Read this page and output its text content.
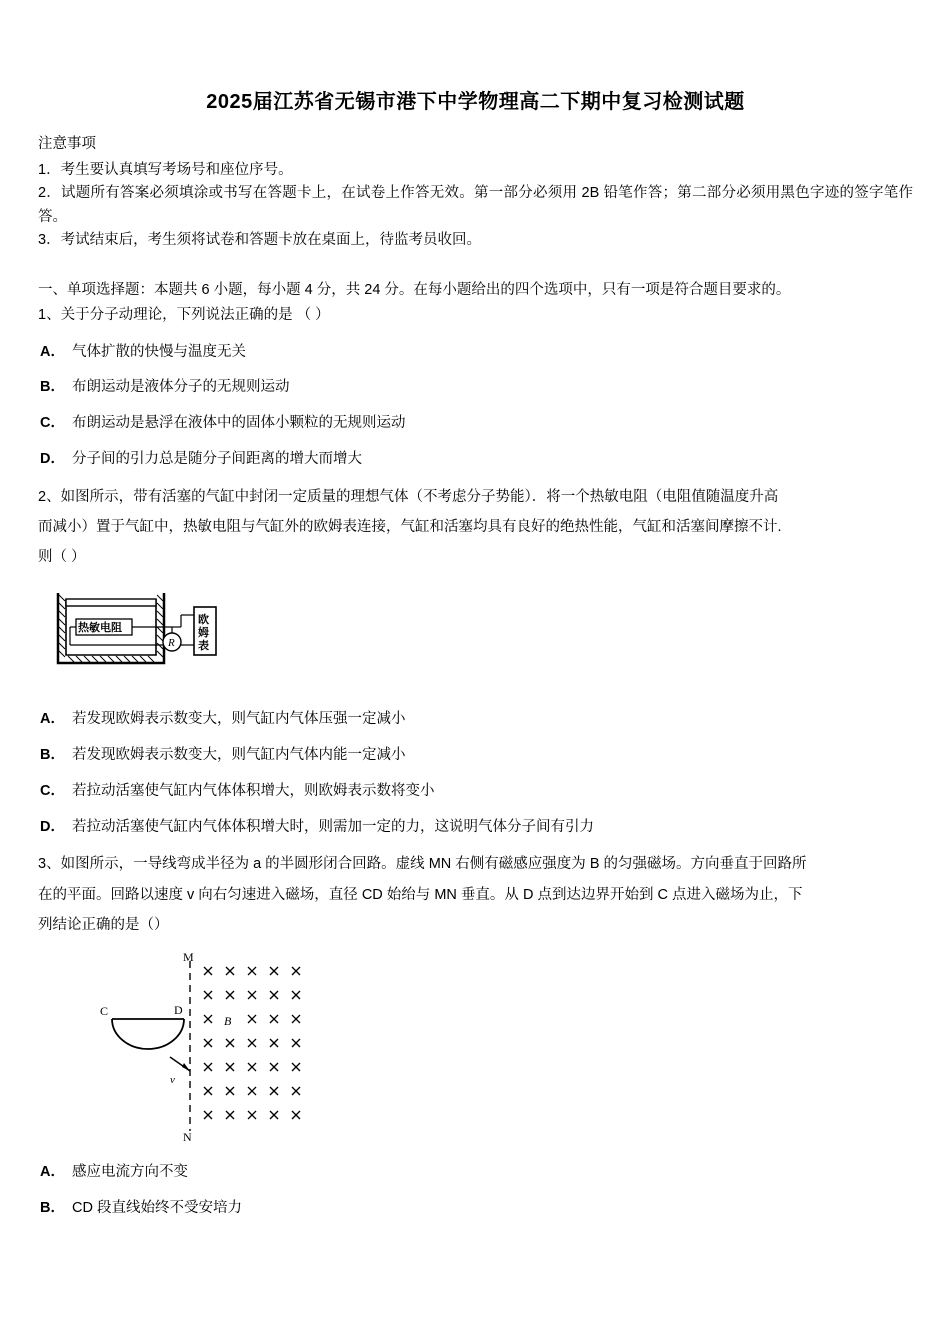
2025届江苏省无锡市港下中学物理高二下期中复习检测试题

注意事项

1．考生要认真填写考场号和座位序号。

2．试题所有答案必须填涂或书写在答题卡上，在试卷上作答无效。第一部分必须用 2B 铅笔作答；第二部分必须用黑色字迹的签字笔作答。

3．考试结束后，考生须将试卷和答题卡放在桌面上，待监考员收回。

一、单项选择题：本题共 6 小题，每小题 4 分，共 24 分。在每小题给出的四个选项中，只有一项是符合题目要求的。

1、关于分子动理论，下列说法正确的是 （ ）

A． 气体扩散的快慢与温度无关

B． 布朗运动是液体分子的无规则运动

C． 布朗运动是悬浮在液体中的固体小颗粒的无规则运动

D． 分子间的引力总是随分子间距离的增大而增大

2、如图所示，带有活塞的气缸中封闭一定质量的理想气体（不考虑分子势能）．将一个热敏电阻（电阻值随温度升高

而减小）置于气缸中，热敏电阻与气缸外的欧姆表连接，气缸和活塞均具有良好的绝热性能，气缸和活塞间摩擦不计.

则（ ）

热敏电阻
R
欧
姆
表

A． 若发现欧姆表示数变大，则气缸内气体压强一定减小

B． 若发现欧姆表示数变大，则气缸内气体内能一定减小

C． 若拉动活塞使气缸内气体体积增大，则欧姆表示数将变小

D． 若拉动活塞使气缸内气体体积增大时，则需加一定的力，这说明气体分子间有引力

3、如图所示，一导线弯成半径为 a 的半圆形闭合回路。虚线 MN 右侧有磁感应强度为 B 的匀强磁场。方向垂直于回路所

在的平面。回路以速度 v 向右匀速进入磁场，直径 CD 始绐与 MN 垂直。从 D 点到达边界开始到 C 点进入磁场为止，下

列结论正确的是（）

M
N
C	D
v
B

A． 感应电流方向不变

B． CD 段直线始终不受安培力
